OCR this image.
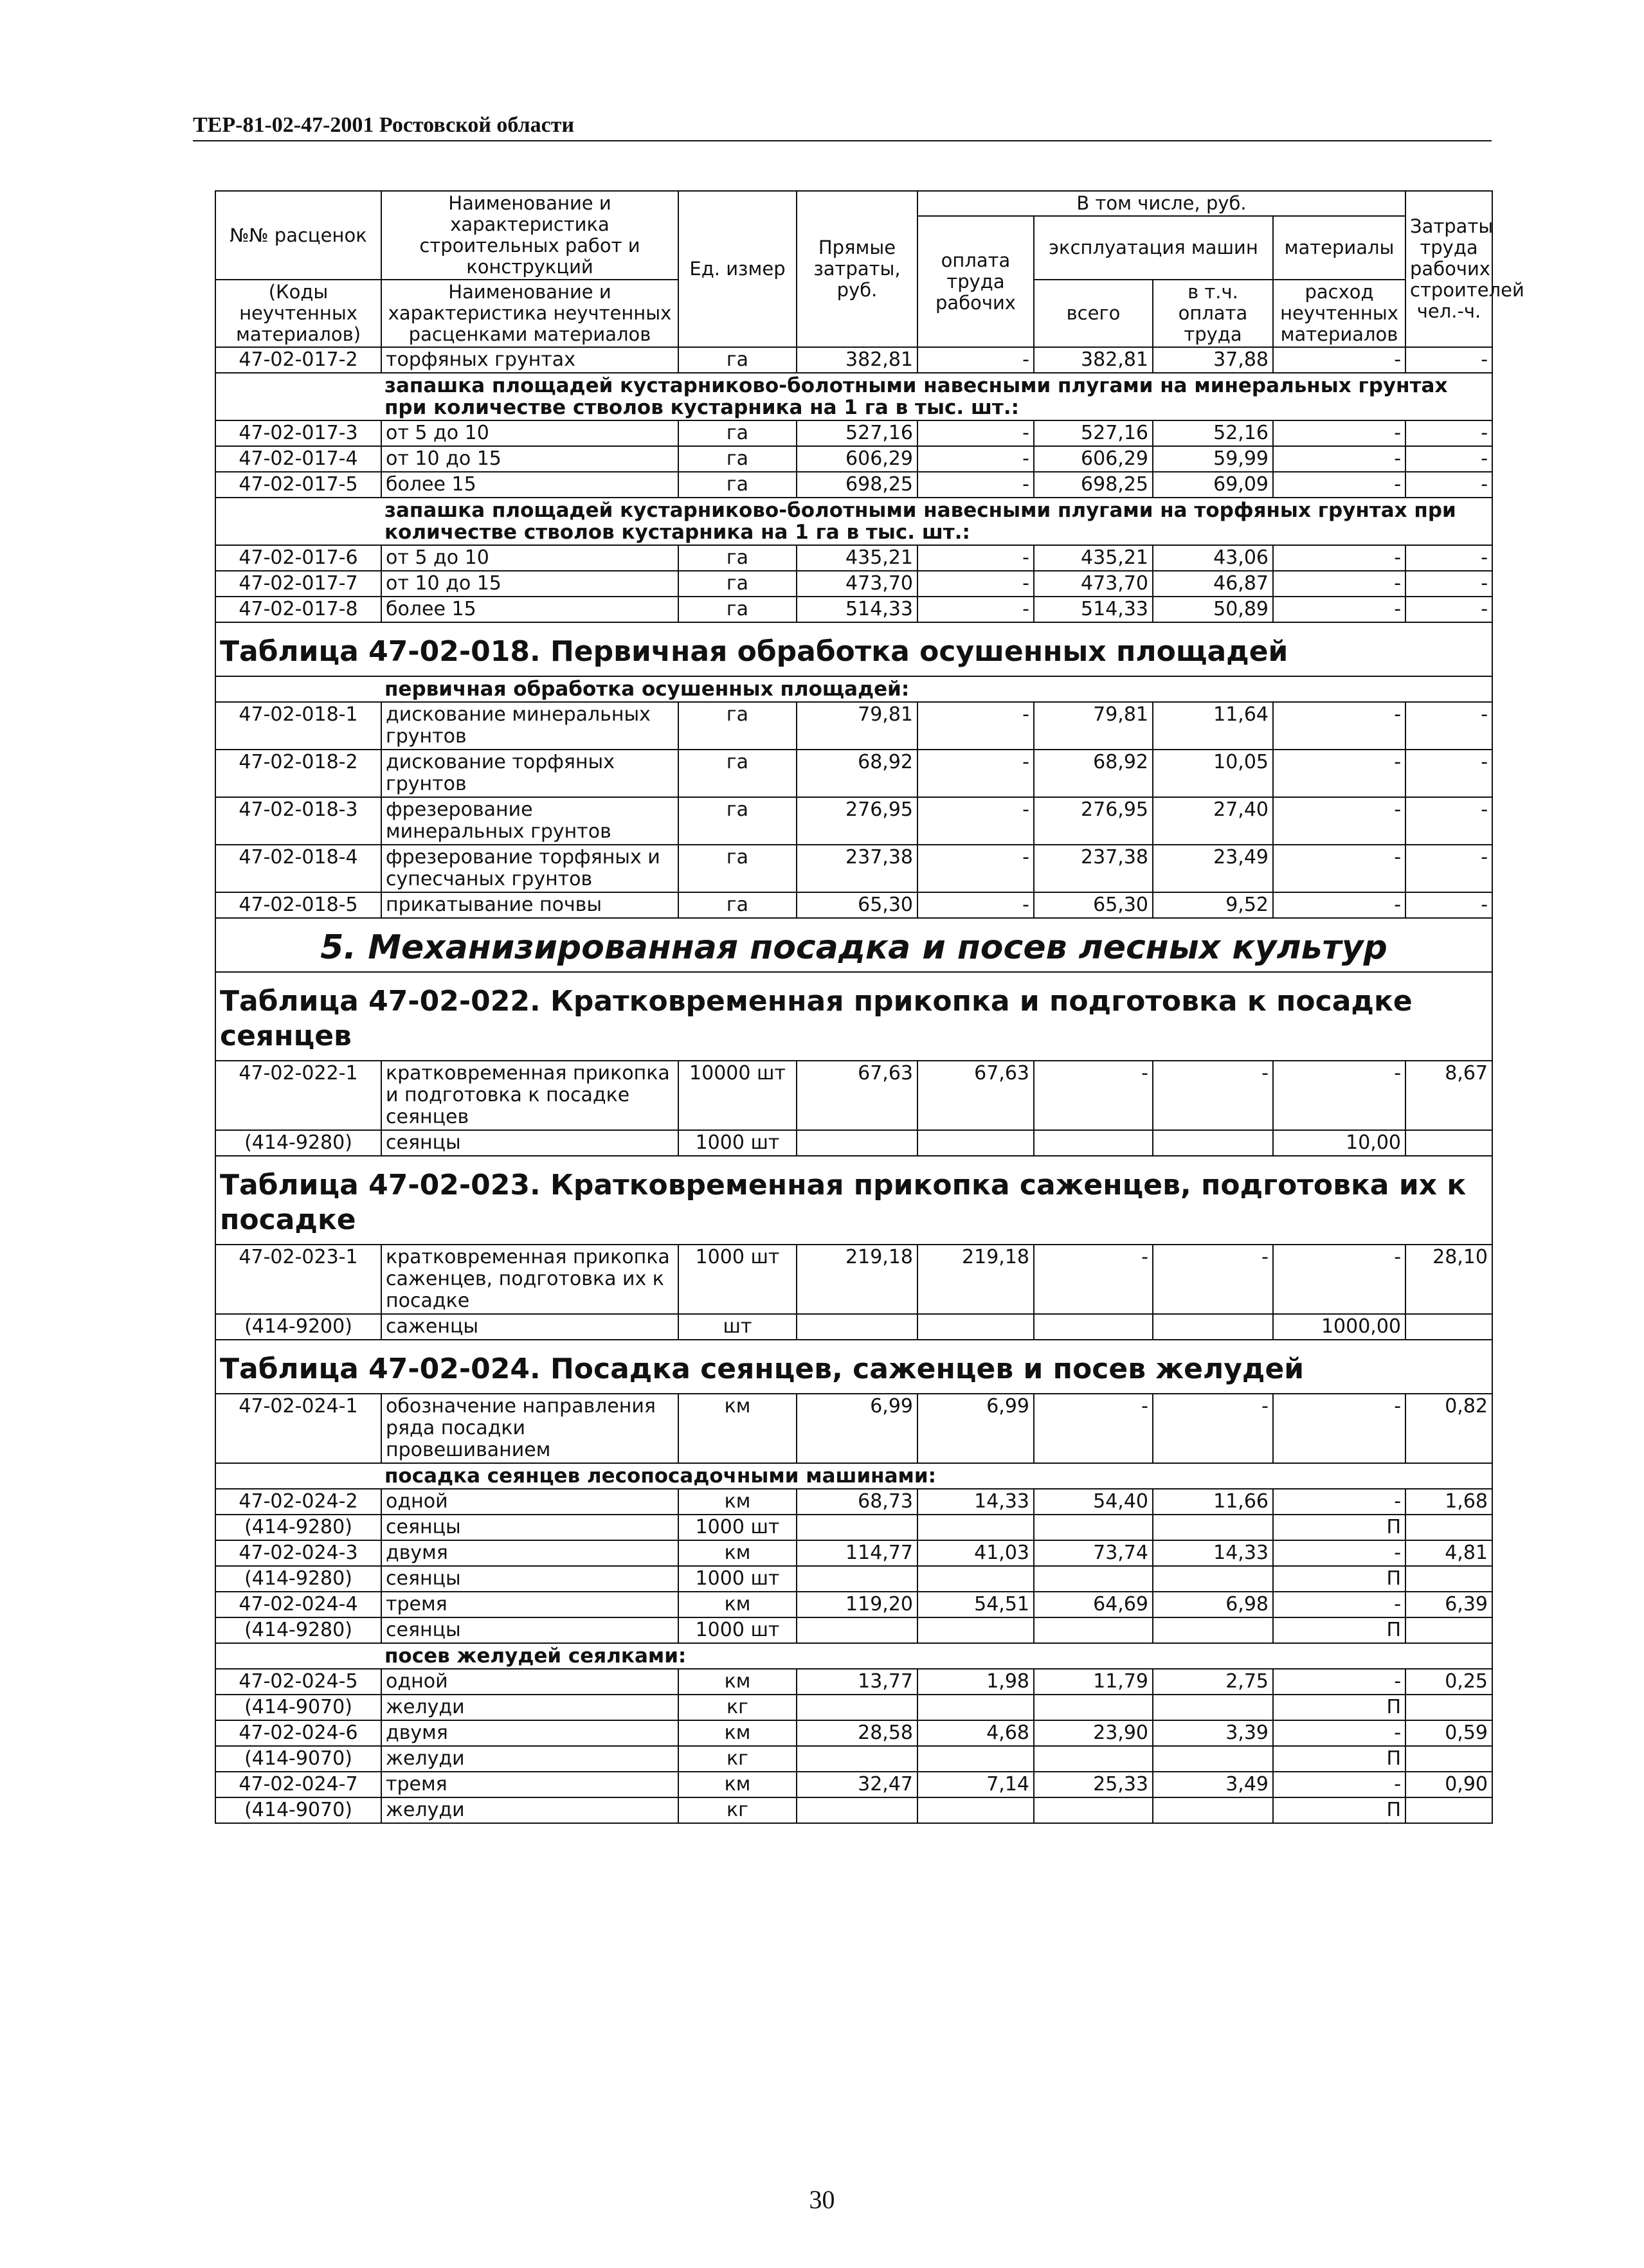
ТЕР-81-02-47-2001 Ростовской области
№№ расценок	Наименование и характеристика строительных работ и конструкций	Ед. измер	Прямые затраты, руб.	В том числе, руб.				Затраты труда рабочих строителей чел.-ч.
				оплата труда рабочих	эксплуатация машин		материалы	
(Коды неучтенных материалов)	Наименование и характеристика неучтенных расценками материалов				всего	в т.ч. оплата труда	расход неучтенных материалов	

47-02-017-2	торфяных грунтах	га	382,81	-	382,81	37,88	-	-
запашка площадей кустарниково-болотными навесными плугами на минеральных грунтах при количестве стволов кустарника на 1 га в тыс. шт.:								
47-02-017-3	от 5 до 10	га	527,16	-	527,16	52,16	-	-
47-02-017-4	от 10 до 15	га	606,29	-	606,29	59,99	-	-
47-02-017-5	более 15	га	698,25	-	698,25	69,09	-	-
запашка площадей кустарниково-болотными навесными плугами на торфяных грунтах при количестве стволов кустарника на 1 га в тыс. шт.:								
47-02-017-6	от 5 до 10	га	435,21	-	435,21	43,06	-	-
47-02-017-7	от 10 до 15	га	473,70	-	473,70	46,87	-	-
47-02-017-8	более 15	га	514,33	-	514,33	50,89	-	-
Таблица 47-02-018. Первичная обработка осушенных площадей								
первичная обработка осушенных площадей:								
47-02-018-1	дискование минеральных грунтов	га	79,81	-	79,81	11,64	-	-
47-02-018-2	дискование торфяных грунтов	га	68,92	-	68,92	10,05	-	-
47-02-018-3	фрезерование минеральных грунтов	га	276,95	-	276,95	27,40	-	-
47-02-018-4	фрезерование торфяных и супесчаных грунтов	га	237,38	-	237,38	23,49	-	-
47-02-018-5	прикатывание почвы	га	65,30	-	65,30	9,52	-	-
5. Механизированная посадка и посев лесных культур								
Таблица 47-02-022. Кратковременная прикопка и подготовка к посадке сеянцев								
47-02-022-1	кратковременная прикопка и подготовка к посадке сеянцев	10000 шт	67,63	67,63	-	-	-	8,67
(414-9280)	сеянцы	1000 шт					10,00	
Таблица 47-02-023. Кратковременная прикопка саженцев, подготовка их к посадке								
47-02-023-1	кратковременная прикопка саженцев, подготовка их к посадке	1000 шт	219,18	219,18	-	-	-	28,10
(414-9200)	саженцы	шт					1000,00	
Таблица 47-02-024. Посадка сеянцев, саженцев и посев желудей								
47-02-024-1	обозначение направления ряда посадки провешиванием	км	6,99	6,99	-	-	-	0,82
посадка сеянцев лесопосадочными машинами:								
47-02-024-2	одной	км	68,73	14,33	54,40	11,66	-	1,68
(414-9280)	сеянцы	1000 шт					П	
47-02-024-3	двумя	км	114,77	41,03	73,74	14,33	-	4,81
(414-9280)	сеянцы	1000 шт					П	
47-02-024-4	тремя	км	119,20	54,51	64,69	6,98	-	6,39
(414-9280)	сеянцы	1000 шт					П	
посев желудей сеялками:								
47-02-024-5	одной	км	13,77	1,98	11,79	2,75	-	0,25
(414-9070)	желуди	кг					П	
47-02-024-6	двумя	км	28,58	4,68	23,90	3,39	-	0,59
(414-9070)	желуди	кг					П	
47-02-024-7	тремя	км	32,47	7,14	25,33	3,49	-	0,90
(414-9070)	желуди	кг					П	
30
